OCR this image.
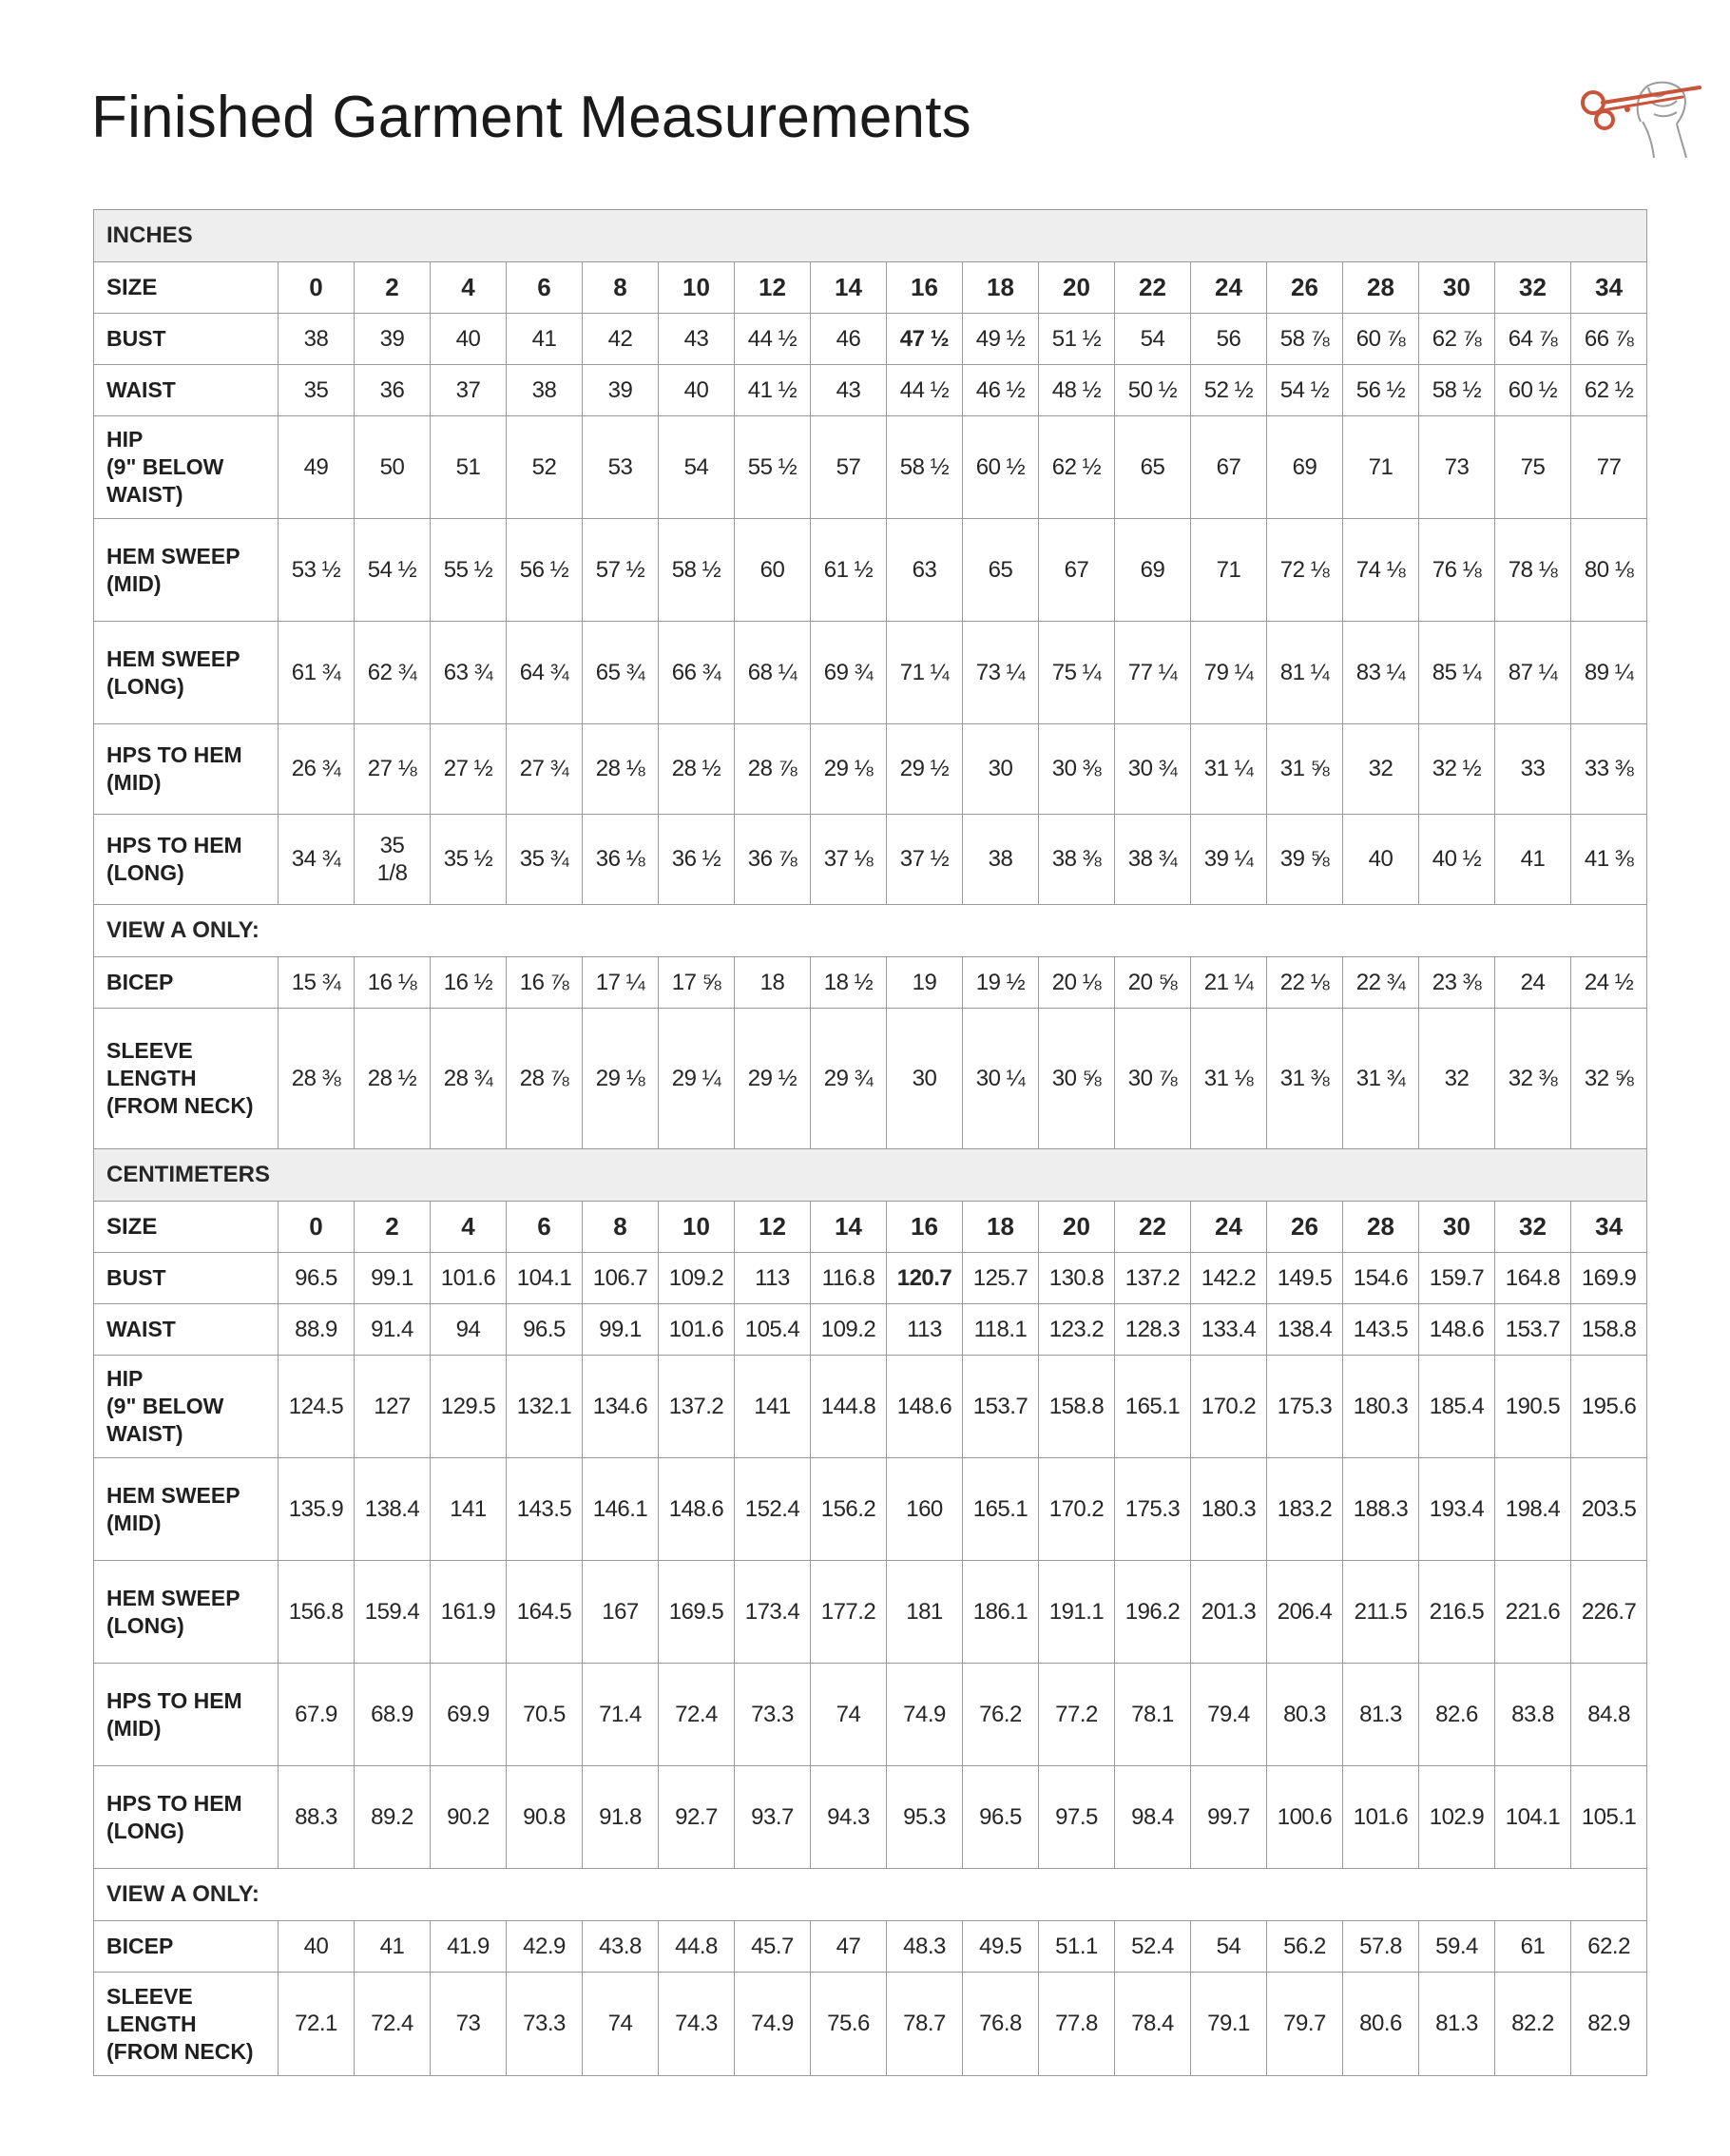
Finished Garment Measurements
INCHES																		
SIZE	0	2	4	6	8	10	12	14	16	18	20	22	24	26	28	30	32	34
BUST	38	39	40	41	42	43	44 ½	46	47 ½	49 ½	51 ½	54	56	58 ⅞	60 ⅞	62 ⅞	64 ⅞	66 ⅞
WAIST	35	36	37	38	39	40	41 ½	43	44 ½	46 ½	48 ½	50 ½	52 ½	54 ½	56 ½	58 ½	60 ½	62 ½
HIP
(9" BELOW
WAIST)	49	50	51	52	53	54	55 ½	57	58 ½	60 ½	62 ½	65	67	69	71	73	75	77
HEM SWEEP
(MID)	53 ½	54 ½	55 ½	56 ½	57 ½	58 ½	60	61 ½	63	65	67	69	71	72 ⅛	74 ⅛	76 ⅛	78 ⅛	80 ⅛
HEM SWEEP
(LONG)	61 ¾	62 ¾	63 ¾	64 ¾	65 ¾	66 ¾	68 ¼	69 ¾	71 ¼	73 ¼	75 ¼	77 ¼	79 ¼	81 ¼	83 ¼	85 ¼	87 ¼	89 ¼
HPS TO HEM
(MID)	26 ¾	27 ⅛	27 ½	27 ¾	28 ⅛	28 ½	28 ⅞	29 ⅛	29 ½	30	30 ⅜	30 ¾	31 ¼	31 ⅝	32	32 ½	33	33 ⅜
HPS TO HEM
(LONG)	34 ¾	35
1/8	35 ½	35 ¾	36 ⅛	36 ½	36 ⅞	37 ⅛	37 ½	38	38 ⅜	38 ¾	39 ¼	39 ⅝	40	40 ½	41	41 ⅜
VIEW A ONLY:																		
BICEP	15 ¾	16 ⅛	16 ½	16 ⅞	17 ¼	17 ⅝	18	18 ½	19	19 ½	20 ⅛	20 ⅝	21 ¼	22 ⅛	22 ¾	23 ⅜	24	24 ½
SLEEVE
LENGTH
(FROM NECK)	28 ⅜	28 ½	28 ¾	28 ⅞	29 ⅛	29 ¼	29 ½	29 ¾	30	30 ¼	30 ⅝	30 ⅞	31 ⅛	31 ⅜	31 ¾	32	32 ⅜	32 ⅝
CENTIMETERS																		
SIZE	0	2	4	6	8	10	12	14	16	18	20	22	24	26	28	30	32	34
BUST	96.5	99.1	101.6	104.1	106.7	109.2	113	116.8	120.7	125.7	130.8	137.2	142.2	149.5	154.6	159.7	164.8	169.9
WAIST	88.9	91.4	94	96.5	99.1	101.6	105.4	109.2	113	118.1	123.2	128.3	133.4	138.4	143.5	148.6	153.7	158.8
HIP
(9" BELOW
WAIST)	124.5	127	129.5	132.1	134.6	137.2	141	144.8	148.6	153.7	158.8	165.1	170.2	175.3	180.3	185.4	190.5	195.6
HEM SWEEP
(MID)	135.9	138.4	141	143.5	146.1	148.6	152.4	156.2	160	165.1	170.2	175.3	180.3	183.2	188.3	193.4	198.4	203.5
HEM SWEEP
(LONG)	156.8	159.4	161.9	164.5	167	169.5	173.4	177.2	181	186.1	191.1	196.2	201.3	206.4	211.5	216.5	221.6	226.7
HPS TO HEM
(MID)	67.9	68.9	69.9	70.5	71.4	72.4	73.3	74	74.9	76.2	77.2	78.1	79.4	80.3	81.3	82.6	83.8	84.8
HPS TO HEM
(LONG)	88.3	89.2	90.2	90.8	91.8	92.7	93.7	94.3	95.3	96.5	97.5	98.4	99.7	100.6	101.6	102.9	104.1	105.1
VIEW A ONLY:																		
BICEP	40	41	41.9	42.9	43.8	44.8	45.7	47	48.3	49.5	51.1	52.4	54	56.2	57.8	59.4	61	62.2
SLEEVE
LENGTH
(FROM NECK)	72.1	72.4	73	73.3	74	74.3	74.9	75.6	78.7	76.8	77.8	78.4	79.1	79.7	80.6	81.3	82.2	82.9
